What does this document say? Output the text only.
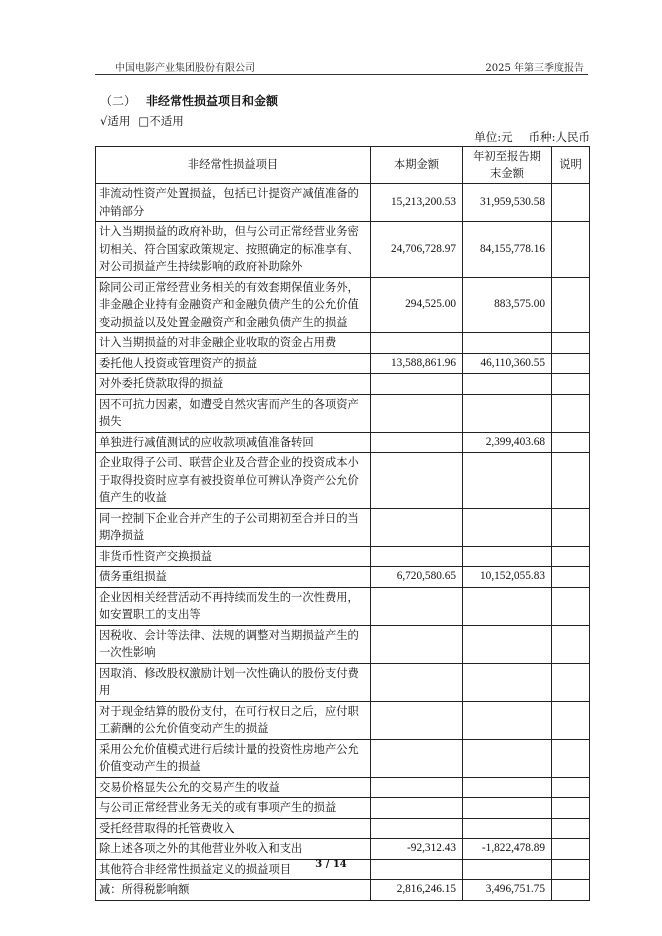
中国电影产业集团股份有限公司	2025 年第三季度报告
（二） 非经常性损益项目和金额
√适用 □不适用
单位:元 币种:人民币
非经常性损益项目	本期金额	年初至报告期末金额	说明
非流动性资产处置损益，包括已计提资产减值准备的冲销部分	15,213,200.53	31,959,530.58	
计入当期损益的政府补助，但与公司正常经营业务密切相关、符合国家政策规定、按照确定的标准享有、对公司损益产生持续影响的政府补助除外	24,706,728.97	84,155,778.16	
除同公司正常经营业务相关的有效套期保值业务外，非金融企业持有金融资产和金融负债产生的公允价值变动损益以及处置金融资产和金融负债产生的损益	294,525.00	883,575.00	
计入当期损益的对非金融企业收取的资金占用费			
委托他人投资或管理资产的损益	13,588,861.96	46,110,360.55	
对外委托贷款取得的损益			
因不可抗力因素，如遭受自然灾害而产生的各项资产损失			
单独进行减值测试的应收款项减值准备转回		2,399,403.68	
企业取得子公司、联营企业及合营企业的投资成本小于取得投资时应享有被投资单位可辨认净资产公允价值产生的收益			
同一控制下企业合并产生的子公司期初至合并日的当期净损益			
非货币性资产交换损益			
债务重组损益	6,720,580.65	10,152,055.83	
企业因相关经营活动不再持续而发生的一次性费用，如安置职工的支出等			
因税收、会计等法律、法规的调整对当期损益产生的一次性影响			
因取消、修改股权激励计划一次性确认的股份支付费用			
对于现金结算的股份支付，在可行权日之后，应付职工薪酬的公允价值变动产生的损益			
采用公允价值模式进行后续计量的投资性房地产公允价值变动产生的损益			
交易价格显失公允的交易产生的收益			
与公司正常经营业务无关的或有事项产生的损益			
受托经营取得的托管费收入			
除上述各项之外的其他营业外收入和支出	-92,312.43	-1,822,478.89	
其他符合非经常性损益定义的损益项目			
减：所得税影响额	2,816,246.15	3,496,751.75	
3 / 14
